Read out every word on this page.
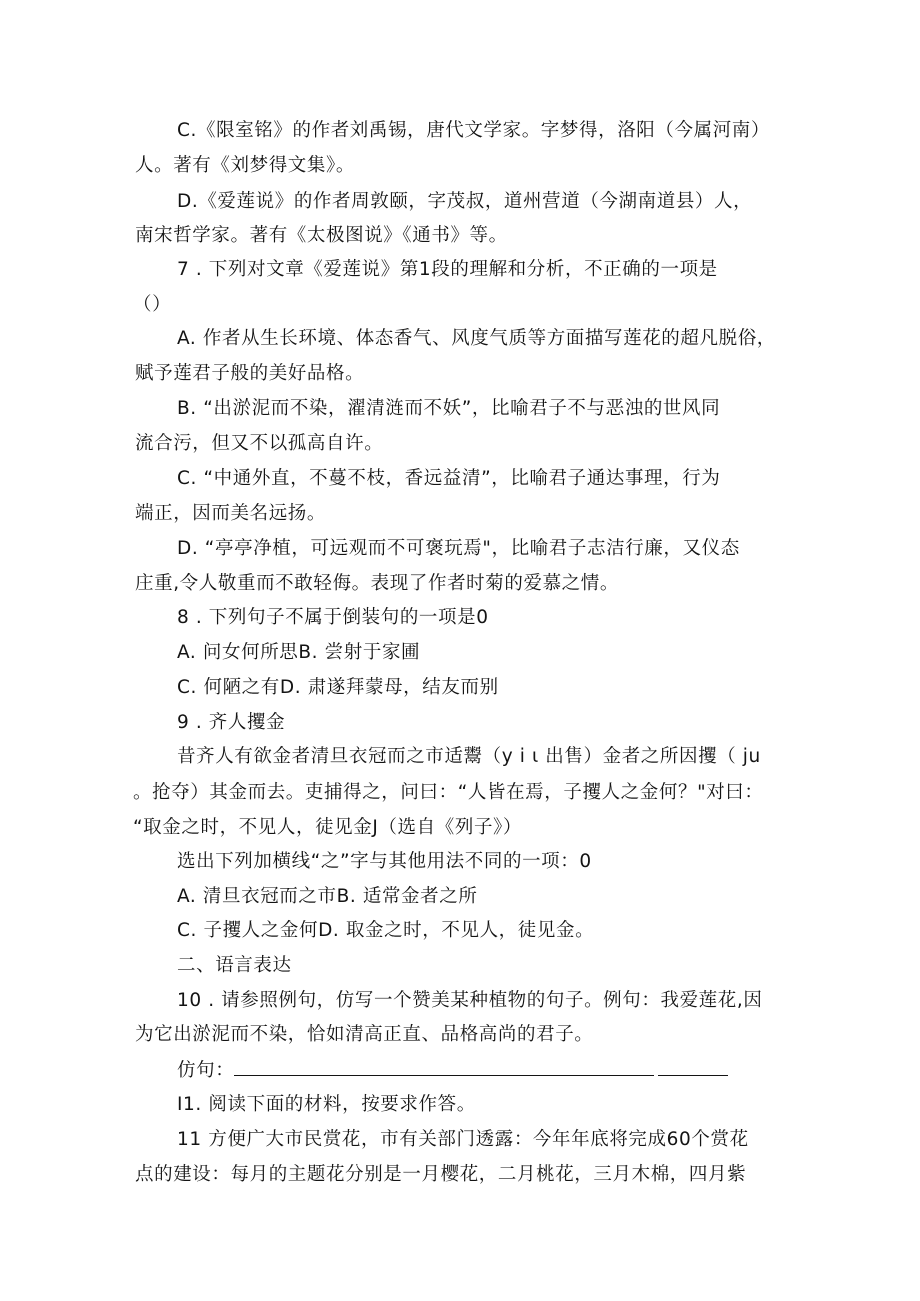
C.《限室铭》的作者刘禹锡，唐代文学家。字梦得，洛阳（今属河南）
人。著有《刘梦得文集》。
D.《爱莲说》的作者周敦颐，字茂叔，道州营道（今湖南道县）人，
南宋哲学家。著有《太极图说》《通书》等。
7 . 下列对文章《爱莲说》第1段的理解和分析，不正确的一项是
（）
A. 作者从生长环境、体态香气、风度气质等方面描写莲花的超凡脱俗，
赋予莲君子般的美好品格。
B. “出淤泥而不染，濯清涟而不妖”，比喻君子不与恶浊的世风同
流合污，但又不以孤高自许。
C. “中通外直，不蔓不枝，香远益清”，比喻君子通达事理，行为
端正，因而美名远扬。
D. “亭亭净植，可远观而不可褒玩焉"，比喻君子志洁行廉，又仪态
庄重,令人敬重而不敢轻侮。表现了作者时菊的爱慕之情。
8 . 下列句子不属于倒装句的一项是0
A. 问女何所思B. 尝射于家圃
C. 何陋之有D. 肃遂拜蒙母，结友而别
9 . 齐人攫金
昔齐人有欲金者清旦衣冠而之市适鬻（y i ι 出售）金者之所因攫（ ju
。抢夺）其金而去。吏捕得之，问曰：“人皆在焉，子攫人之金何？"对曰：
“取金之时，不见人，徒见金J（选自《列子》）
选出下列加横线“之”字与其他用法不同的一项：0
A. 清旦衣冠而之市B. 适常金者之所
C. 子攫人之金何D. 取金之时，不见人，徒见金。
二、语言表达
10 . 请参照例句，仿写一个赞美某种植物的句子。例句：我爱莲花,因
为它出淤泥而不染，恰如清高正直、品格高尚的君子。
仿句：
I1. 阅读下面的材料，按要求作答。
11 方便广大市民赏花，市有关部门透露：今年年底将完成60个赏花
点的建设：每月的主题花分别是一月樱花，二月桃花，三月木棉，四月紫
